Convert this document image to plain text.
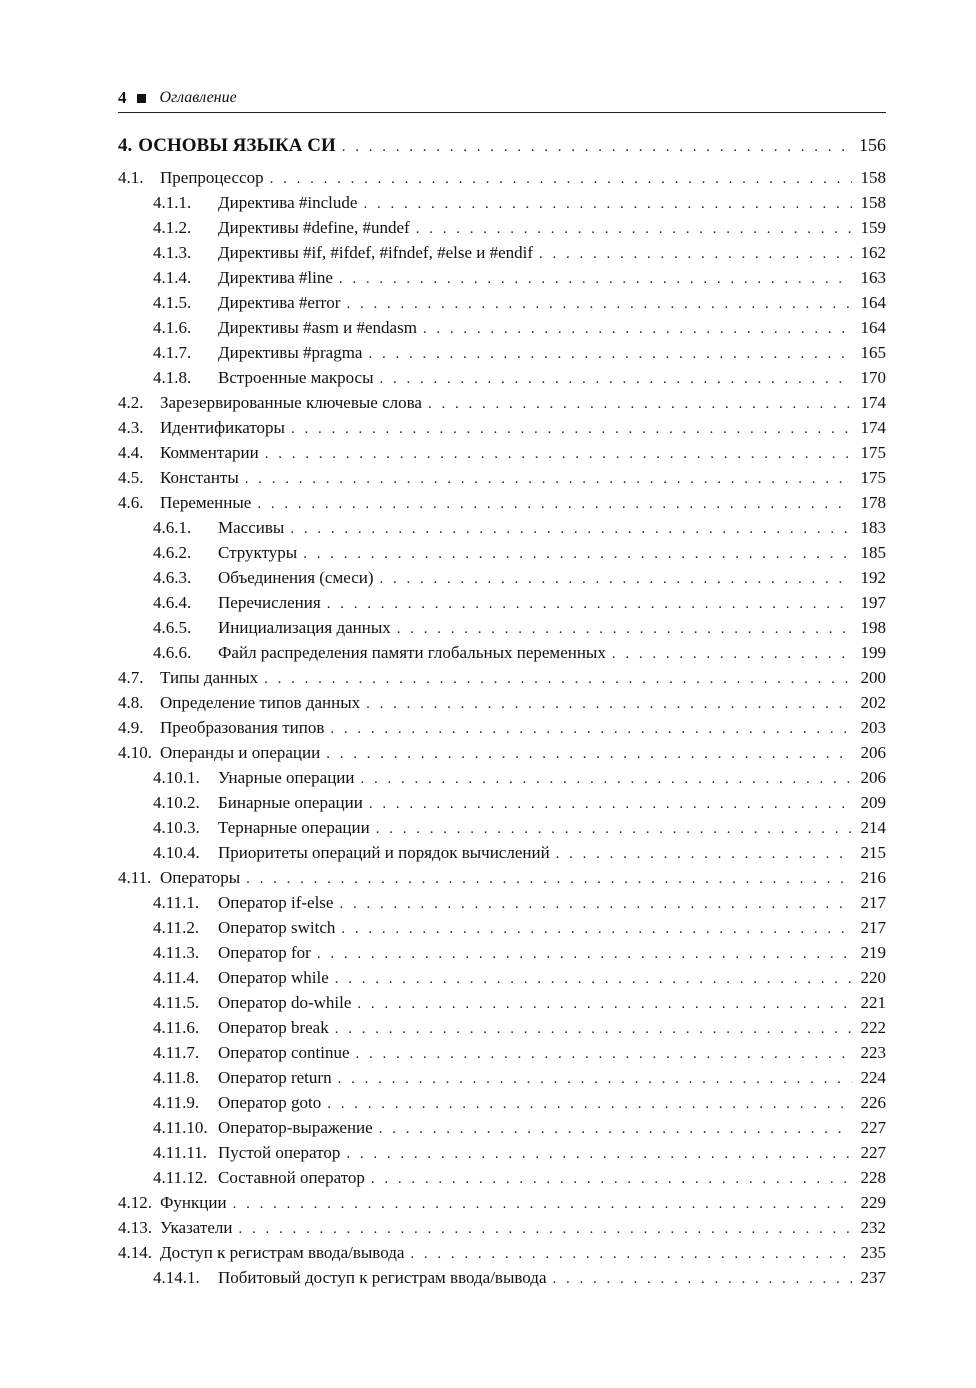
4 Оглавление
4. ОСНОВЫ ЯЗЫКА СИ . . .	156
4.1. Препроцессор . . .	158
4.1.1.	Директива #include . . .	158
4.1.2.	Директивы #define, #undef . . .	159
4.1.3.	Директивы #if, #ifdef, #ifndef, #else и #endif . . .	162
4.1.4.	Директива #line . . .	163
4.1.5.	Директива #error . . .	164
4.1.6.	Директивы #asm и #endasm . . .	164
4.1.7.	Директивы #pragma . . .	165
4.1.8.	Встроенные макросы . . .	170
4.2. Зарезервированные ключевые слова . . .	174
4.3. Идентификаторы . . .	174
4.4. Комментарии . . .	175
4.5. Константы . . .	175
4.6. Переменные . . .	178
4.6.1.	Массивы . . .	183
4.6.2.	Структуры . . .	185
4.6.3.	Объединения (смеси) . . .	192
4.6.4.	Перечисления . . .	197
4.6.5.	Инициализация данных . . .	198
4.6.6.	Файл распределения памяти глобальных переменных . . .	199
4.7. Типы данных . . .	200
4.8. Определение типов данных . . .	202
4.9. Преобразования типов . . .	203
4.10. Операнды и операции . . .	206
4.10.1.	Унарные операции . . .	206
4.10.2.	Бинарные операции . . .	209
4.10.3.	Тернарные операции . . .	214
4.10.4.	Приоритеты операций и порядок вычислений . . .	215
4.11. Операторы . . .	216
4.11.1.	Оператор if-else . . .	217
4.11.2.	Оператор switch . . .	217
4.11.3.	Оператор for . . .	219
4.11.4.	Оператор while . . .	220
4.11.5.	Оператор do-while . . .	221
4.11.6.	Оператор break . . .	222
4.11.7.	Оператор continue . . .	223
4.11.8.	Оператор return . . .	224
4.11.9.	Оператор goto . . .	226
4.11.10. Оператор-выражение . . .	227
4.11.11. Пустой оператор . . .	227
4.11.12. Составной оператор . . .	228
4.12. Функции . . .	229
4.13. Указатели . . .	232
4.14. Доступ к регистрам ввода/вывода . . .	235
4.14.1.	Побитовый доступ к регистрам ввода/вывода . . .	237
